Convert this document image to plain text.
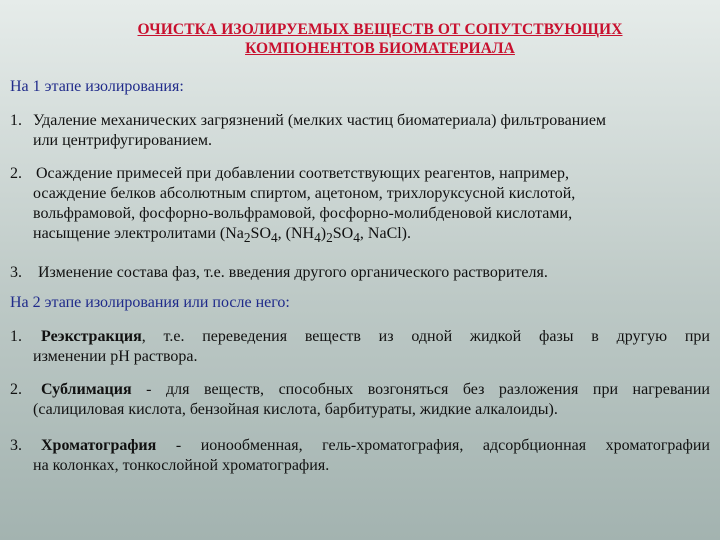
ОЧИСТКА ИЗОЛИРУЕМЫХ ВЕЩЕСТВ ОТ СОПУТСТВУЮЩИХ
КОМПОНЕНТОВ БИОМАТЕРИАЛА
На 1 этапе изолирования:
1. Удаление механических загрязнений (мелких частиц биоматериала) фильтрованием
или центрифугированием.
2. Осаждение примесей при добавлении соответствующих реагентов, например,
осаждение белков абсолютным спиртом, ацетоном, трихлоруксусной кислотой,
вольфрамовой, фосфорно-вольфрамовой, фосфорно-молибденовой кислотами,
насыщение электролитами ($Na_2SO_4$, $(NH_4)_2SO_4$, NaCl).
3.	Изменение состава фаз, т.е. введения другого органического растворителя.
На 2 этапе изолирования или после него:
1.	Реэкстракция, т.е. переведения веществ из одной жидкой фазы в другую при
изменении рН раствора.
2.	Сублимация - для веществ, способных возгоняться без разложения при нагревании
(салициловая кислота, бензойная кислота, барбитураты, жидкие алкалоиды).
3.	Хроматография - ионообменная, гель-хроматография, адсорбционная хроматографии
на колонках, тонкослойной хроматография.
